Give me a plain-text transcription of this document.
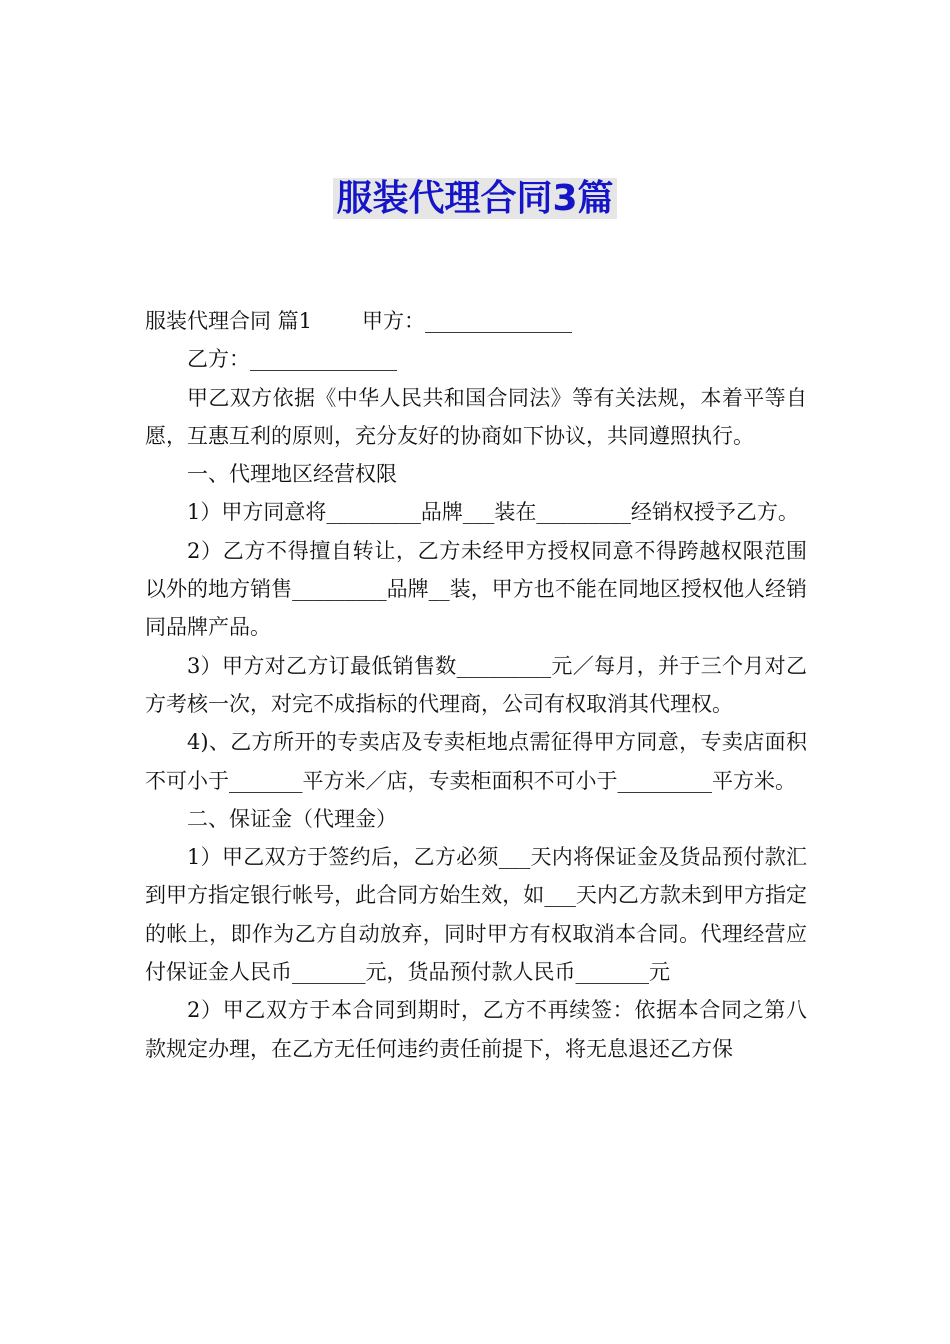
服装代理合同3篇

服装代理合同 篇1 甲方：______________

乙方：______________

甲乙双方依据《中华人民共和国合同法》等有关法规，本着平等自愿，互惠互利的原则，充分友好的协商如下协议，共同遵照执行。

一、代理地区经营权限

1）甲方同意将_________品牌___装在_________经销权授予乙方。

2）乙方不得擅自转让，乙方未经甲方授权同意不得跨越权限范围以外的地方销售_________品牌__装，甲方也不能在同地区授权他人经销同品牌产品。

3）甲方对乙方订最低销售数_________元／每月，并于三个月对乙方考核一次，对完不成指标的代理商，公司有权取消其代理权。

4)、乙方所开的专卖店及专卖柜地点需征得甲方同意，专卖店面积不可小于_______平方米／店，专卖柜面积不可小于_________平方米。

二、保证金（代理金）

1）甲乙双方于签约后，乙方必须___天内将保证金及货品预付款汇到甲方指定银行帐号，此合同方始生效，如___天内乙方款未到甲方指定的帐上，即作为乙方自动放弃，同时甲方有权取消本合同。代理经营应付保证金人民币_______元，货品预付款人民币_______元

2）甲乙双方于本合同到期时，乙方不再续签：依据本合同之第八款规定办理，在乙方无任何违约责任前提下，将无息退还乙方保
